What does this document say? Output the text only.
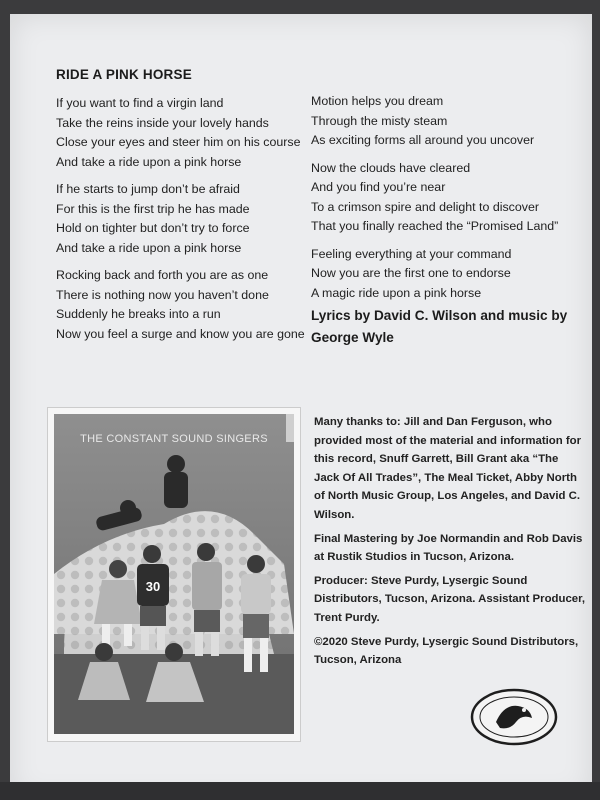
RIDE A PINK HORSE
If you want to find a virgin land
Take the reins inside your lovely hands
Close your eyes and steer him on his course
And take a ride upon a pink horse
If he starts to jump don’t be afraid
For this is the first trip he has made
Hold on tighter but don’t try to force
And take a ride upon a pink horse
Rocking back and forth you are as one
There is nothing now you haven’t done
Suddenly he breaks into a run
Now you feel a surge and know you are gone
Motion helps you dream
Through the misty steam
As exciting forms all around you uncover
Now the clouds have cleared
And you find you’re near
To a crimson spire and delight to discover
That you finally reached the “Promised Land”
Feeling everything at your command
Now you are the first one to endorse
A magic ride upon a pink horse
Lyrics by David C. Wilson and music by
George Wyle
30
THE CONSTANT SOUND SINGERS

Many thanks to: Jill and Dan Ferguson, who provided most of the material and information for this record, Snuff Garrett, Bill Grant aka “The Jack Of All Trades”, The Meal Ticket, Abby North of North Music Group, Los Angeles, and David C. Wilson.

Final Mastering by Joe Normandin and Rob Davis at Rustik Studios in Tucson, Arizona.

Producer: Steve Purdy, Lysergic Sound Distributors, Tucson, Arizona. Assistant Producer, Trent Purdy.

©2020 Steve Purdy, Lysergic Sound Distributors, Tucson, Arizona
